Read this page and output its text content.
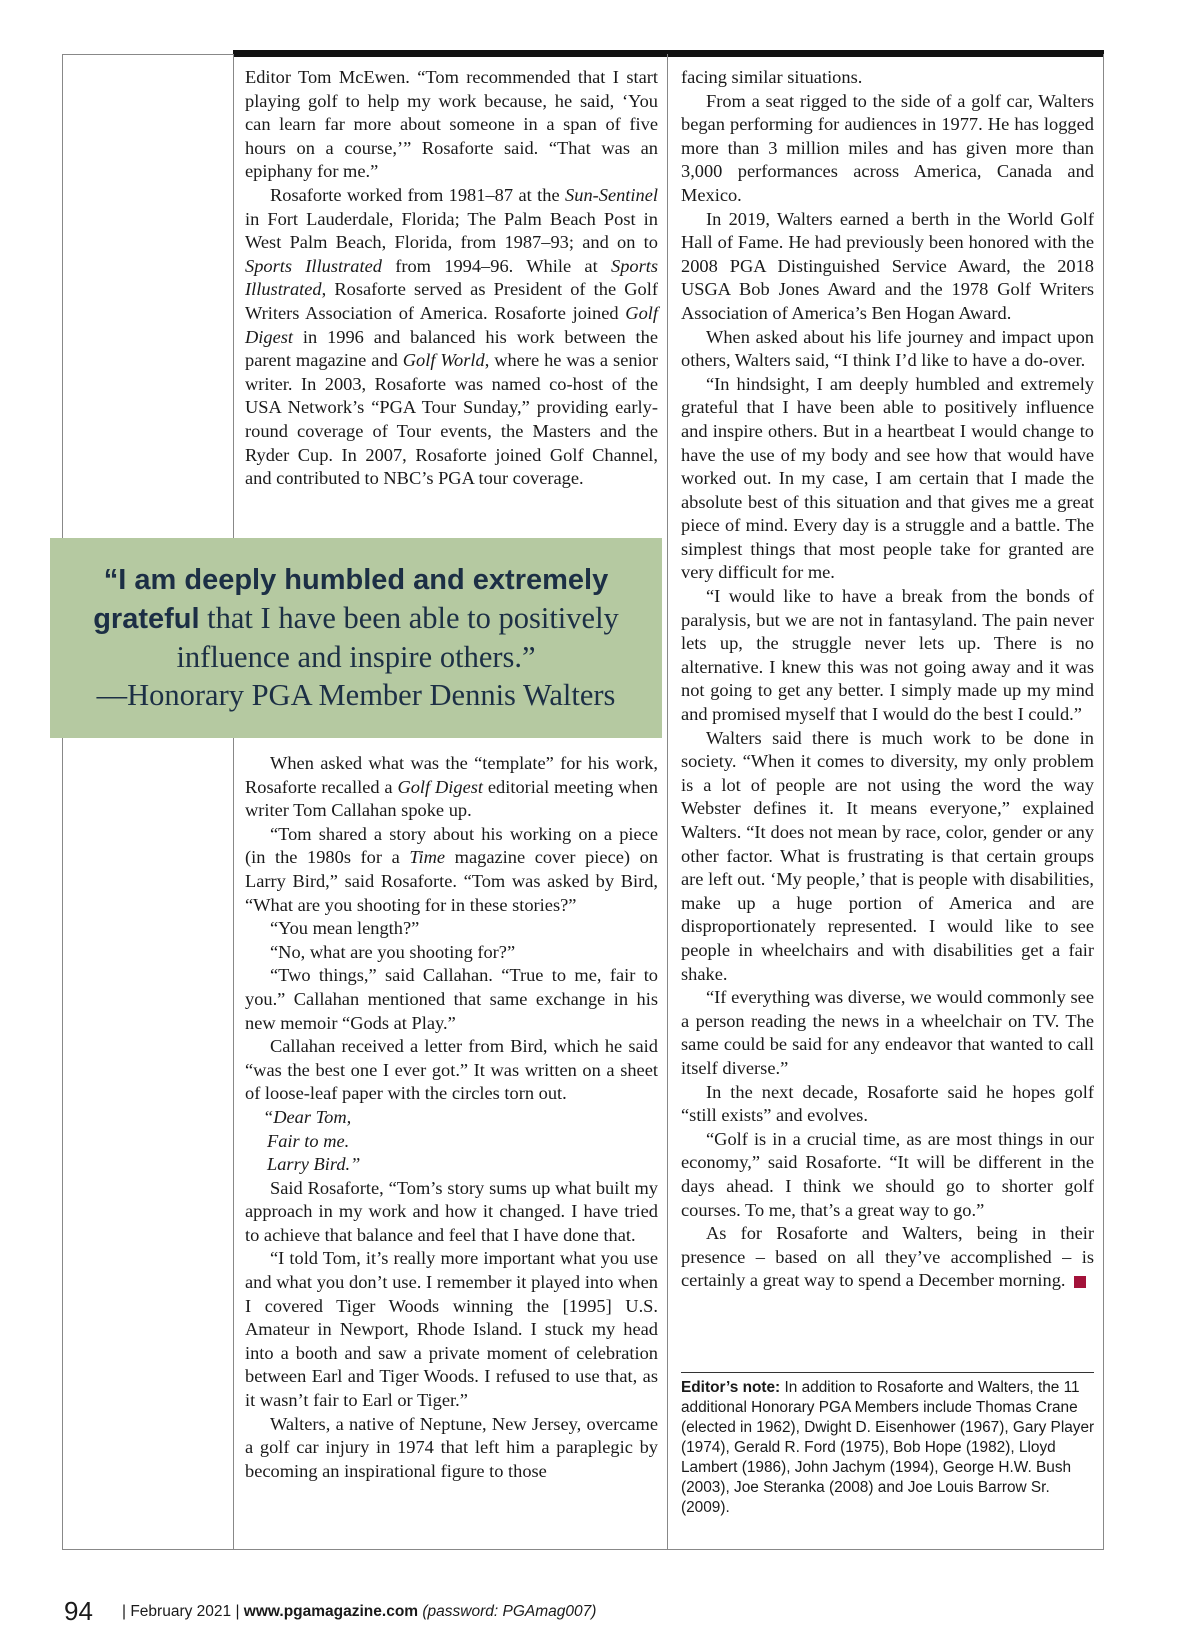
Editor Tom McEwen. “Tom recommended that I start playing golf to help my work because, he said, ‘You can learn far more about someone in a span of five hours on a course,’” Rosaforte said. “That was an epiphany for me.”

Rosaforte worked from 1981–87 at the Sun-Sentinel in Fort Lauderdale, Florida; The Palm Beach Post in West Palm Beach, Florida, from 1987–93; and on to Sports Illustrated from 1994–96. While at Sports Illustrated, Rosaforte served as President of the Golf Writers Association of America. Rosaforte joined Golf Digest in 1996 and balanced his work between the parent magazine and Golf World, where he was a senior writer. In 2003, Rosaforte was named co-host of the USA Network’s “PGA Tour Sunday,” providing early-round coverage of Tour events, the Masters and the Ryder Cup. In 2007, Rosaforte joined Golf Channel, and contributed to NBC’s PGA tour coverage.

“I am deeply humbled and extremely
grateful that I have been able to positively
influence and inspire others.”
—Honorary PGA Member Dennis Walters

When asked what was the “template” for his work, Rosaforte recalled a Golf Digest editorial meeting when writer Tom Callahan spoke up.

“Tom shared a story about his working on a piece (in the 1980s for a Time magazine cover piece) on Larry Bird,” said Rosaforte. “Tom was asked by Bird, “What are you shooting for in these stories?”

“You mean length?”

“No, what are you shooting for?”

“Two things,” said Callahan. “True to me, fair to you.” Callahan mentioned that same exchange in his new memoir “Gods at Play.”

Callahan received a letter from Bird, which he said “was the best one I ever got.” It was written on a sheet of loose-leaf paper with the circles torn out.

“Dear Tom,

Fair to me.

Larry Bird.”

Said Rosaforte, “Tom’s story sums up what built my approach in my work and how it changed. I have tried to achieve that balance and feel that I have done that.

“I told Tom, it’s really more important what you use and what you don’t use. I remember it played into when I covered Tiger Woods winning the [1995] U.S. Amateur in Newport, Rhode Island. I stuck my head into a booth and saw a private moment of celebration between Earl and Tiger Woods. I refused to use that, as it wasn’t fair to Earl or Tiger.”

Walters, a native of Neptune, New Jersey, overcame a golf car injury in 1974 that left him a paraplegic by becoming an inspirational figure to those

facing similar situations.

From a seat rigged to the side of a golf car, Walters began performing for audiences in 1977. He has logged more than 3 million miles and has given more than 3,000 performances across America, Canada and Mexico.

In 2019, Walters earned a berth in the World Golf Hall of Fame. He had previously been honored with the 2008 PGA Distinguished Service Award, the 2018 USGA Bob Jones Award and the 1978 Golf Writers Association of America’s Ben Hogan Award.

When asked about his life journey and impact upon others, Walters said, “I think I’d like to have a do-over.

“In hindsight, I am deeply humbled and extremely grateful that I have been able to positively influence and inspire others. But in a heartbeat I would change to have the use of my body and see how that would have worked out. In my case, I am certain that I made the absolute best of this situation and that gives me a great piece of mind. Every day is a struggle and a battle. The simplest things that most people take for granted are very difficult for me.

“I would like to have a break from the bonds of paralysis, but we are not in fantasyland. The pain never lets up, the struggle never lets up. There is no alternative. I knew this was not going away and it was not going to get any better. I simply made up my mind and promised myself that I would do the best I could.”

Walters said there is much work to be done in society. “When it comes to diversity, my only problem is a lot of people are not using the word the way Webster defines it. It means everyone,” explained Walters. “It does not mean by race, color, gender or any other factor. What is frustrating is that certain groups are left out. ‘My people,’ that is people with disabilities, make up a huge portion of America and are disproportionately represented. I would like to see people in wheelchairs and with disabilities get a fair shake.

“If everything was diverse, we would commonly see a person reading the news in a wheelchair on TV. The same could be said for any endeavor that wanted to call itself diverse.”

In the next decade, Rosaforte said he hopes golf “still exists” and evolves.

“Golf is in a crucial time, as are most things in our economy,” said Rosaforte. “It will be different in the days ahead. I think we should go to shorter golf courses. To me, that’s a great way to go.”

As for Rosaforte and Walters, being in their presence – based on all they’ve accomplished – is certainly a great way to spend a December morning.

Editor’s note: In addition to Rosaforte and Walters, the 11 additional Honorary PGA Members include Thomas Crane (elected in 1962), Dwight D. Eisenhower (1967), Gary Player (1974), Gerald R. Ford (1975), Bob Hope (1982), Lloyd Lambert (1986), John Jachym (1994), George H.W. Bush (2003), Joe Steranka (2008) and Joe Louis Barrow Sr. (2009).
94 | February 2021 | www.pgamagazine.com (password: PGAmag007)
